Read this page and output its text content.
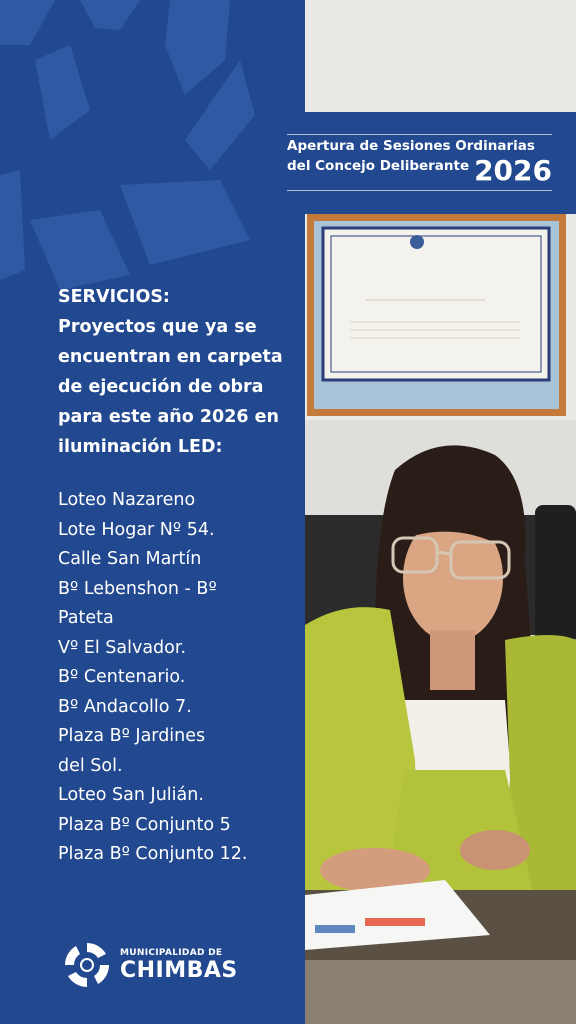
SERVICIOS:
Proyectos que ya se
encuentran en carpeta
de ejecución de obra
para este año 2026 en
iluminación LED:
Loteo Nazareno
Lote Hogar Nº 54.
Calle San Martín
Bº Lebenshon - Bº
Pateta
Vº El Salvador.
Bº Centenario.
Bº Andacollo 7.
Plaza Bº Jardines
del Sol.
Loteo San Julián.
Plaza Bº Conjunto 5
Plaza Bº Conjunto 12.
MUNICIPALIDAD DE
CHIMBAS
Apertura de Sesiones Ordinarias
del Concejo Deliberante 2026
